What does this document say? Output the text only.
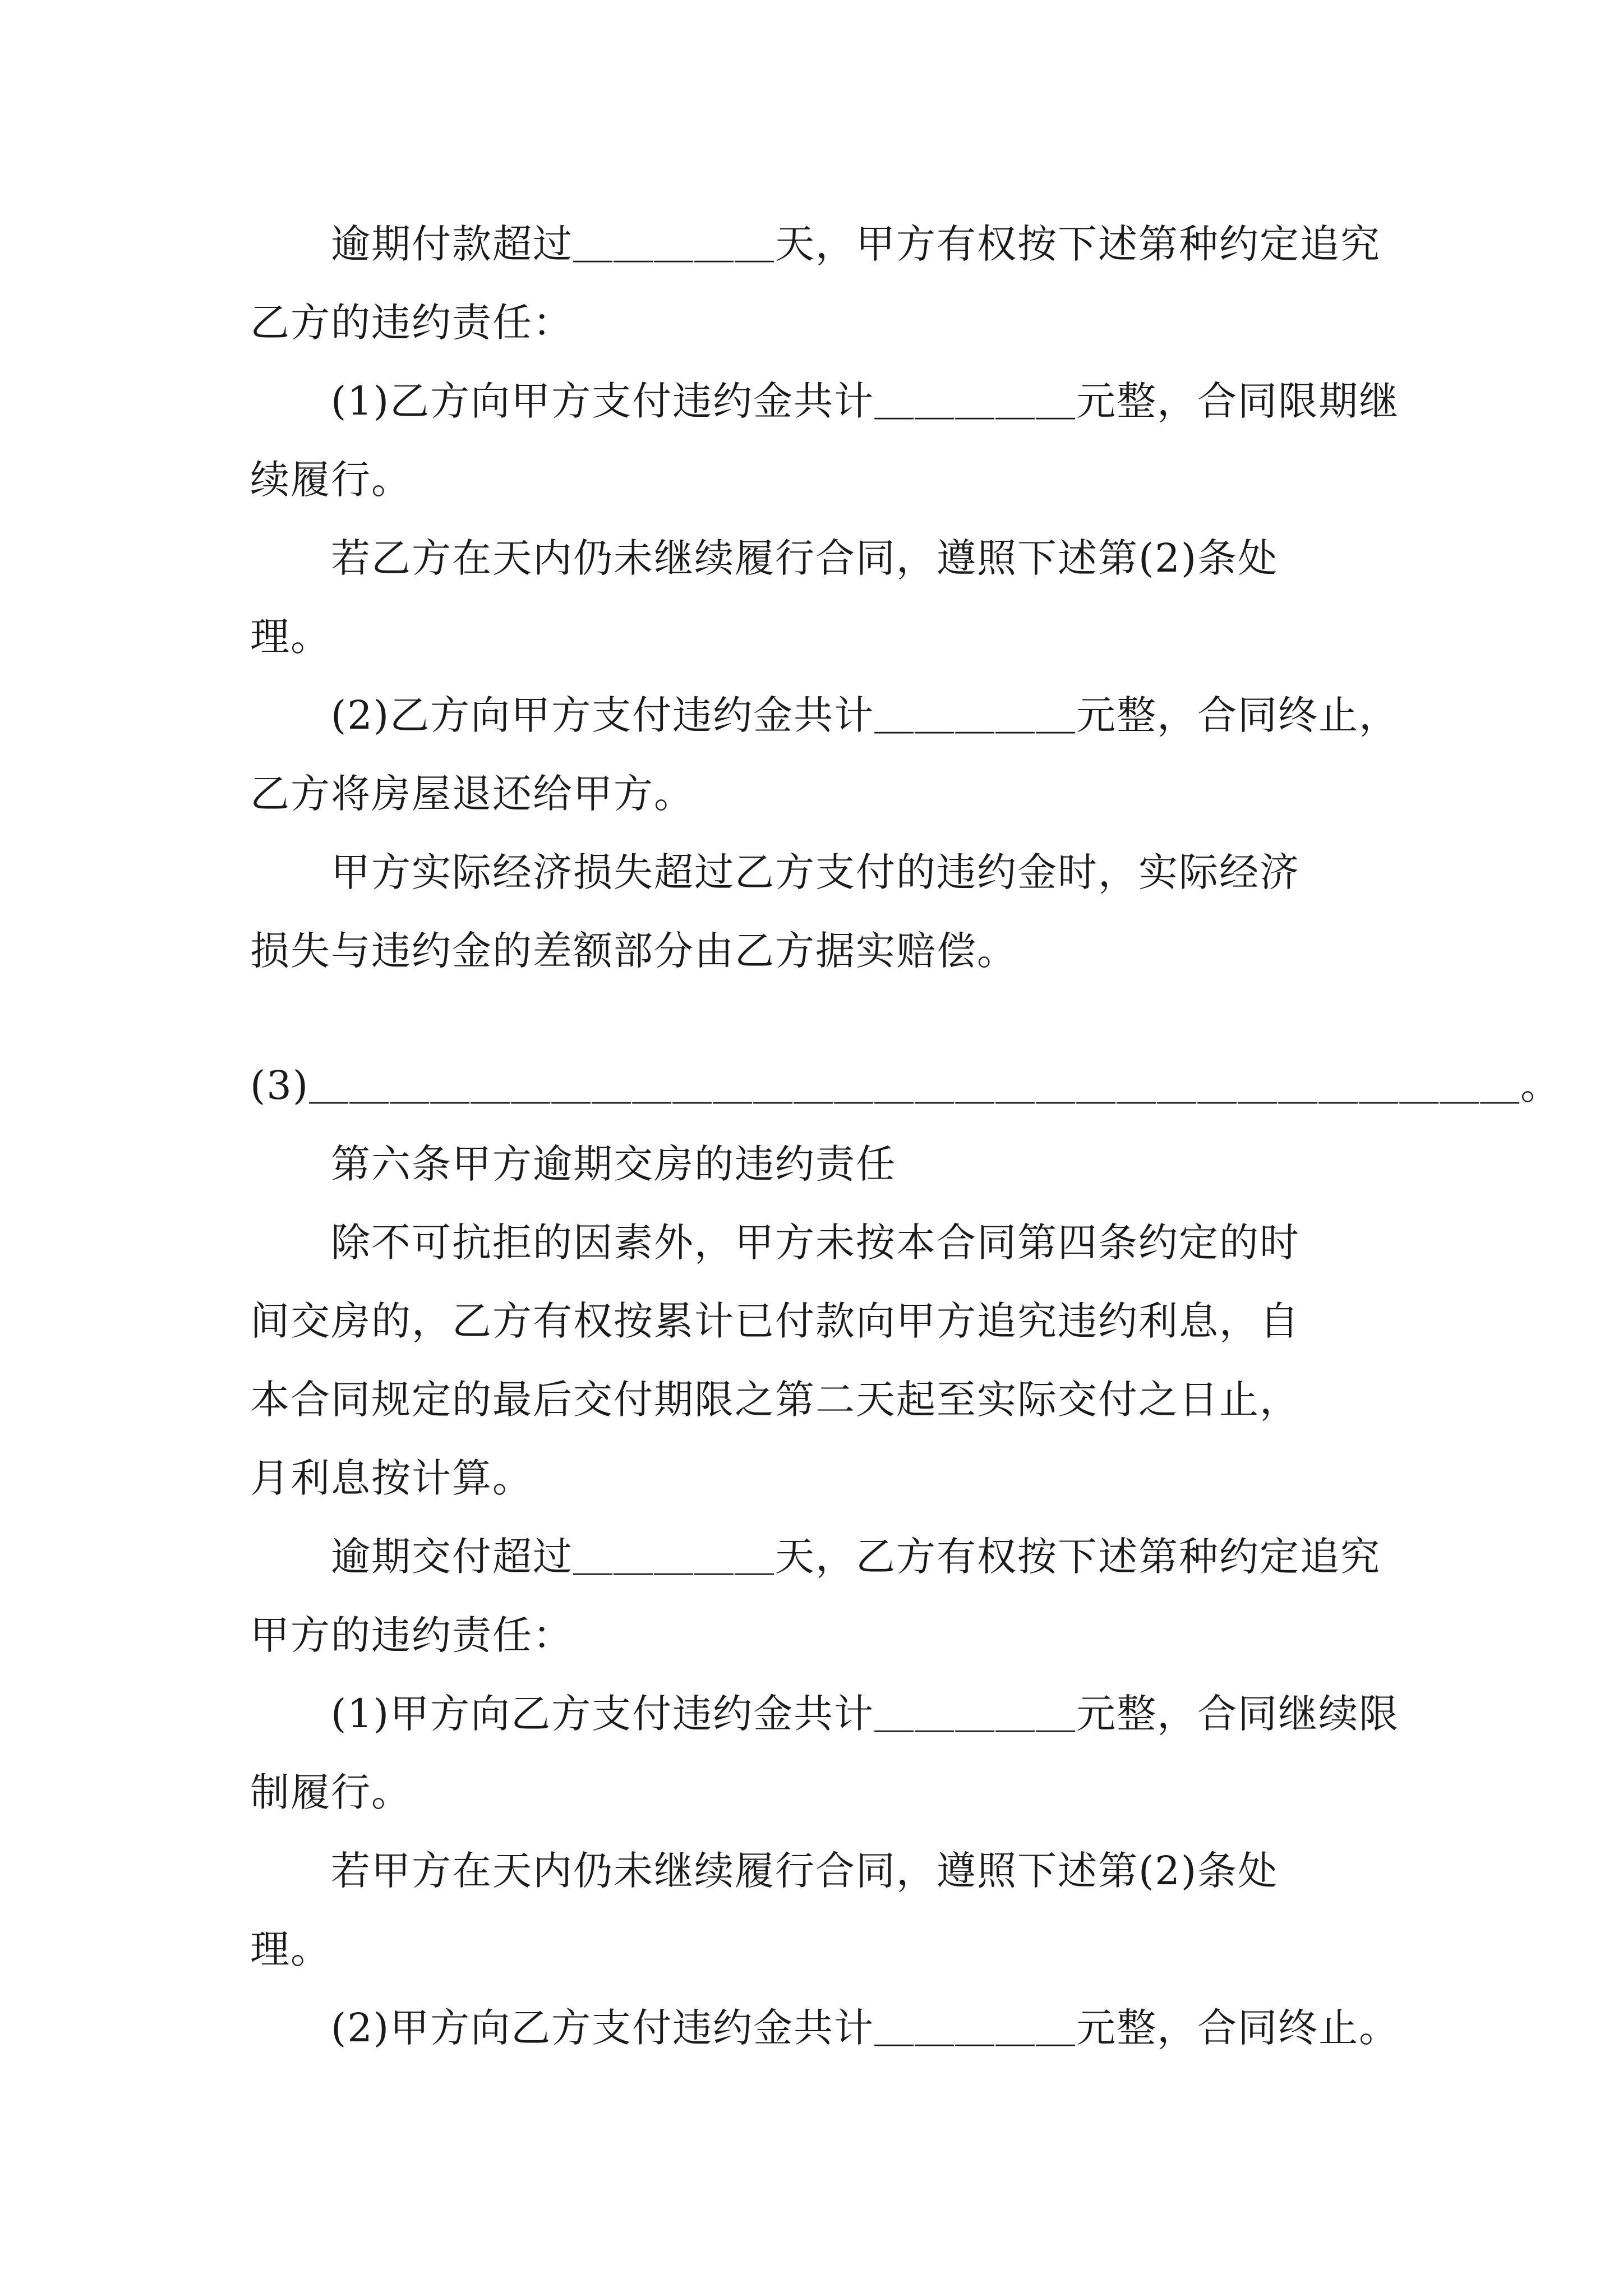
　　逾期付款超过＿＿＿＿＿天，甲方有权按下述第种约定追究
乙方的违约责任：
　　(1)乙方向甲方支付违约金共计＿＿＿＿＿元整，合同限期继
续履行。
　　若乙方在天内仍未继续履行合同，遵照下述第(2)条处
理。
　　(2)乙方向甲方支付违约金共计＿＿＿＿＿元整，合同终止，
乙方将房屋退还给甲方。
　　甲方实际经济损失超过乙方支付的违约金时，实际经济
损失与违约金的差额部分由乙方据实赔偿。
(3)＿＿＿＿＿＿＿＿＿＿＿＿＿＿＿＿＿＿＿＿＿＿＿＿＿＿＿＿＿＿。
　　第六条甲方逾期交房的违约责任
　　除不可抗拒的因素外，甲方未按本合同第四条约定的时
间交房的，乙方有权按累计已付款向甲方追究违约利息，自
本合同规定的最后交付期限之第二天起至实际交付之日止，
月利息按计算。
　　逾期交付超过＿＿＿＿＿天，乙方有权按下述第种约定追究
甲方的违约责任：
　　(1)甲方向乙方支付违约金共计＿＿＿＿＿元整，合同继续限
制履行。
　　若甲方在天内仍未继续履行合同，遵照下述第(2)条处
理。
　　(2)甲方向乙方支付违约金共计＿＿＿＿＿元整，合同终止。
